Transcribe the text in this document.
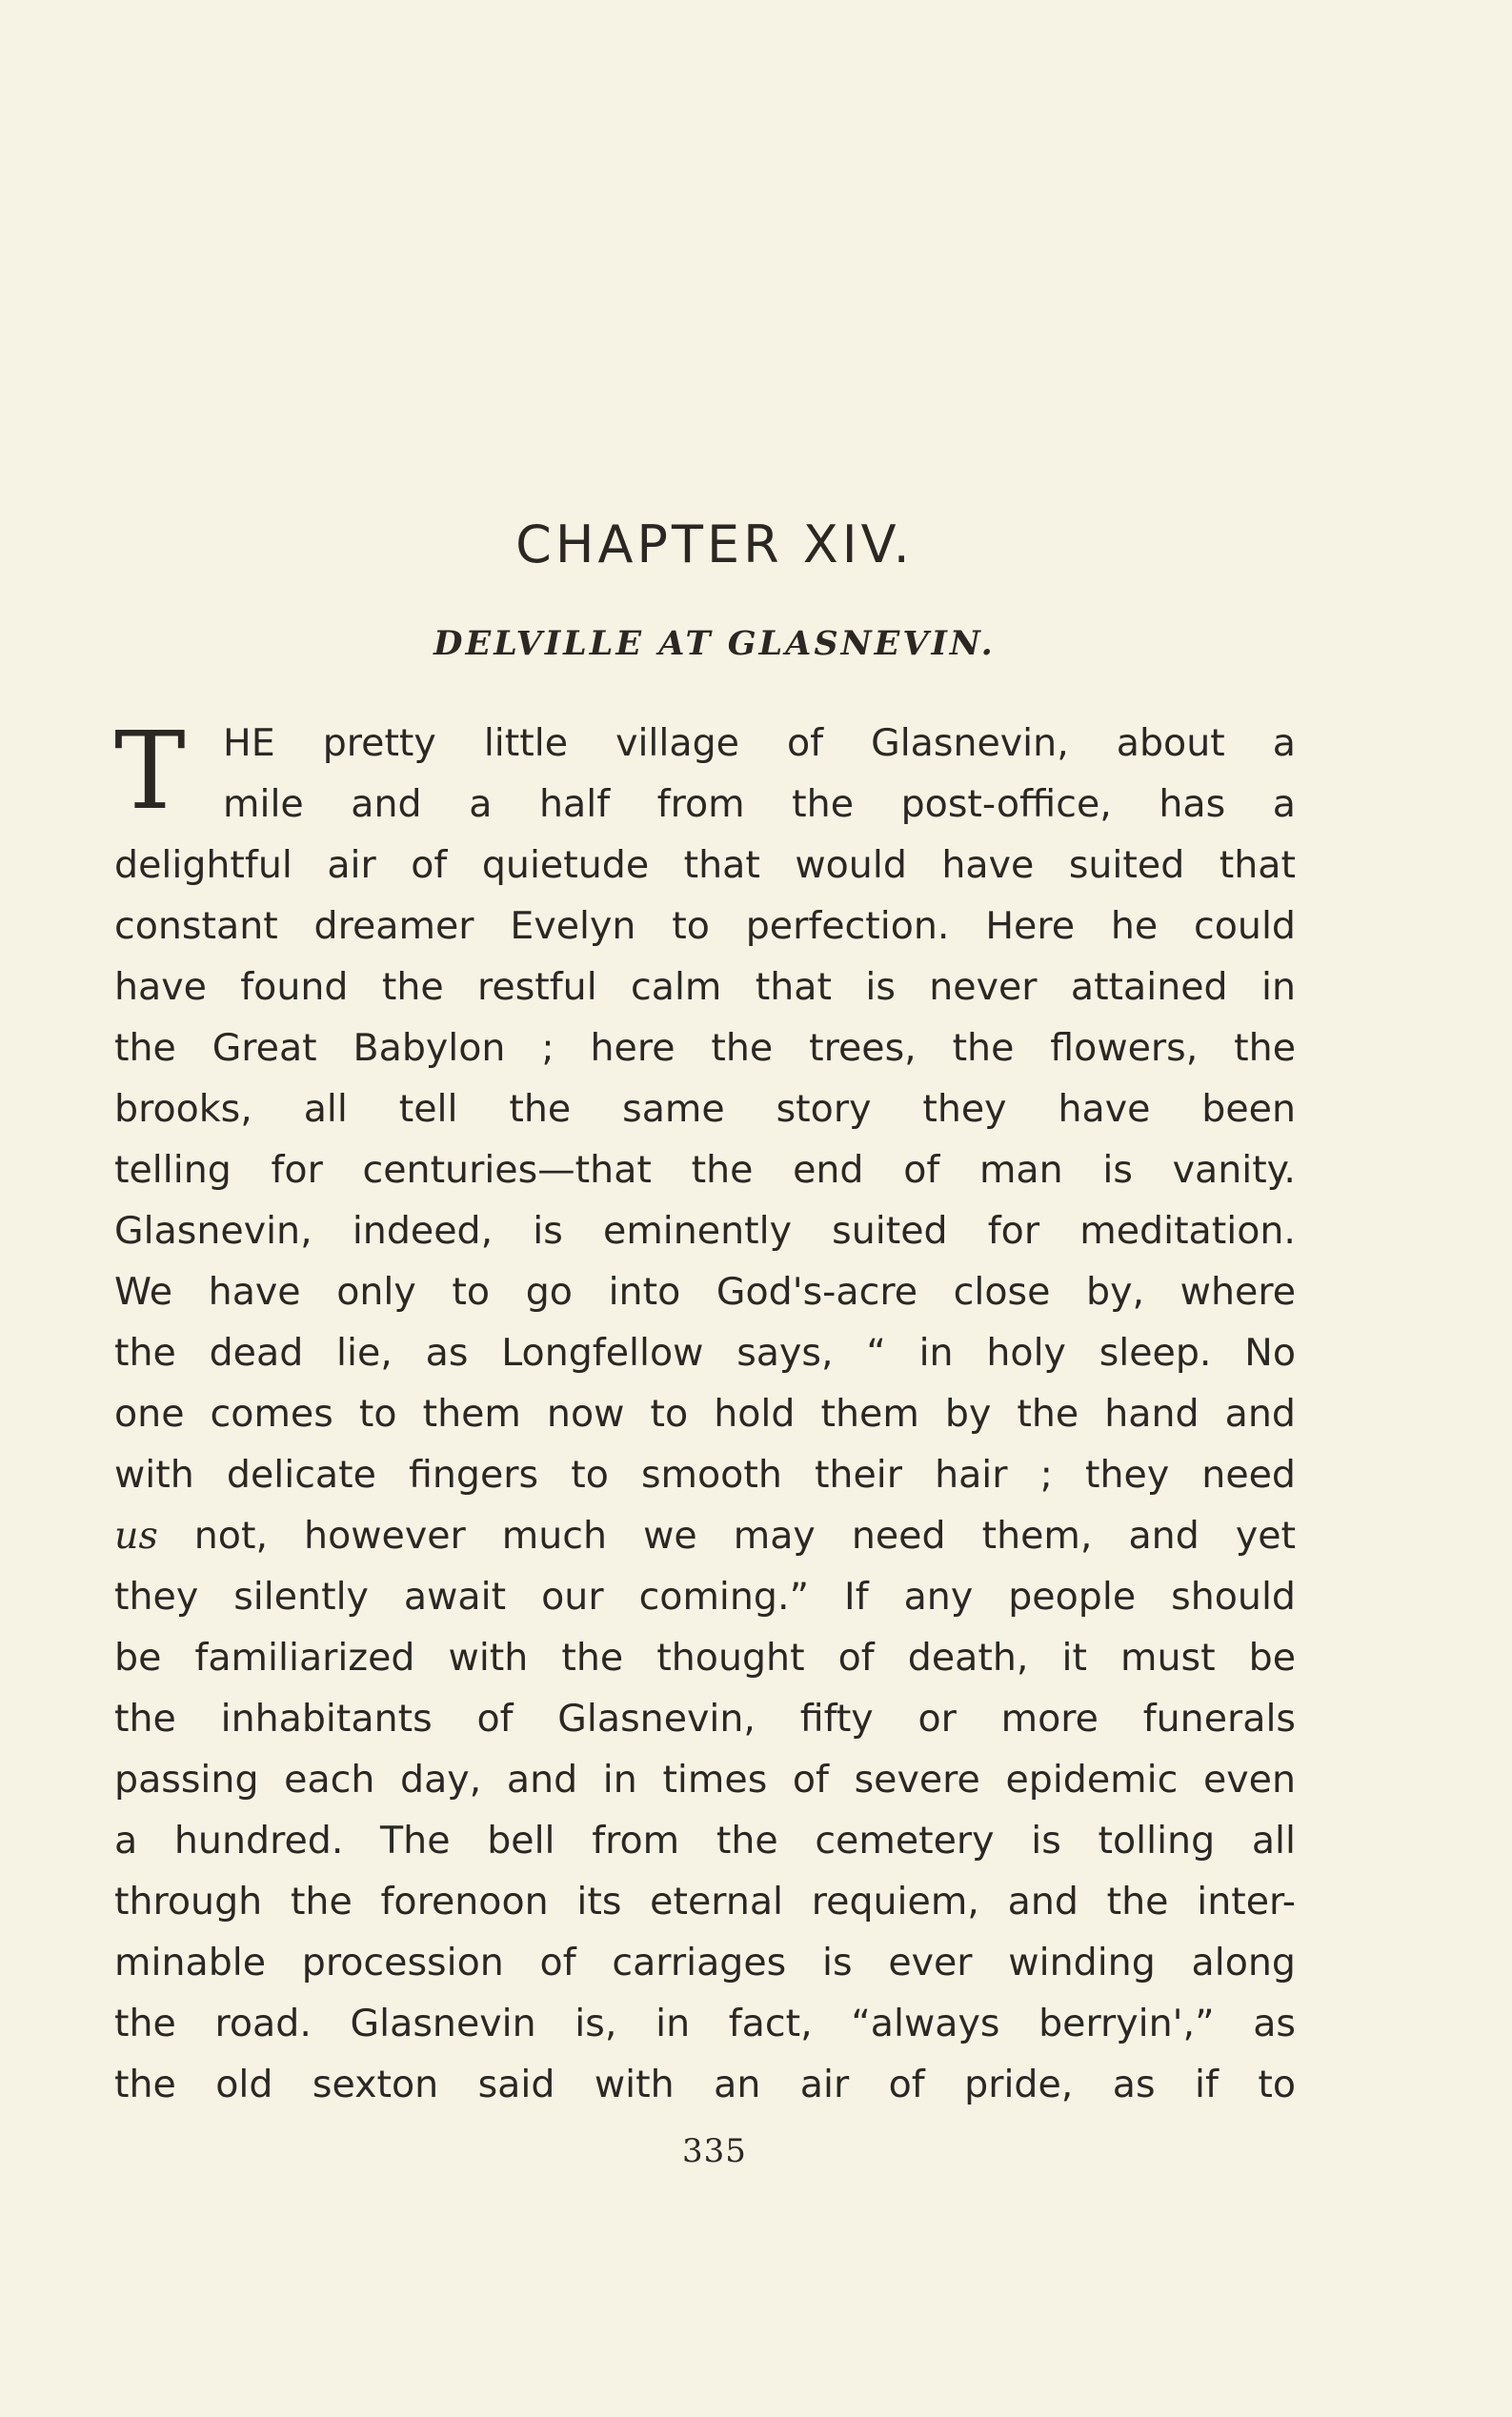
CHAPTER XIV.
DELVILLE AT GLASNEVIN.
T HE pretty little village of Glasnevin, about a
mile and a half from the post-office, has a
delightful air of quietude that would have suited that
constant dreamer Evelyn to perfection. Here he could
have found the restful calm that is never attained in
the Great Babylon ; here the trees, the flowers, the
brooks, all tell the same story they have been
telling for centuries—that the end of man is vanity.
Glasnevin, indeed, is eminently suited for meditation.
We have only to go into God's-acre close by, where
the dead lie, as Longfellow says, “ in holy sleep. No
one comes to them now to hold them by the hand and
with delicate fingers to smooth their hair ; they need
us not, however much we may need them, and yet
they silently await our coming.” If any people should
be familiarized with the thought of death, it must be
the inhabitants of Glasnevin, fifty or more funerals
passing each day, and in times of severe epidemic even
a hundred. The bell from the cemetery is tolling all
through the forenoon its eternal requiem, and the inter-
minable procession of carriages is ever winding along
the road. Glasnevin is, in fact, “always berryin',” as
the old sexton said with an air of pride, as if to
335
